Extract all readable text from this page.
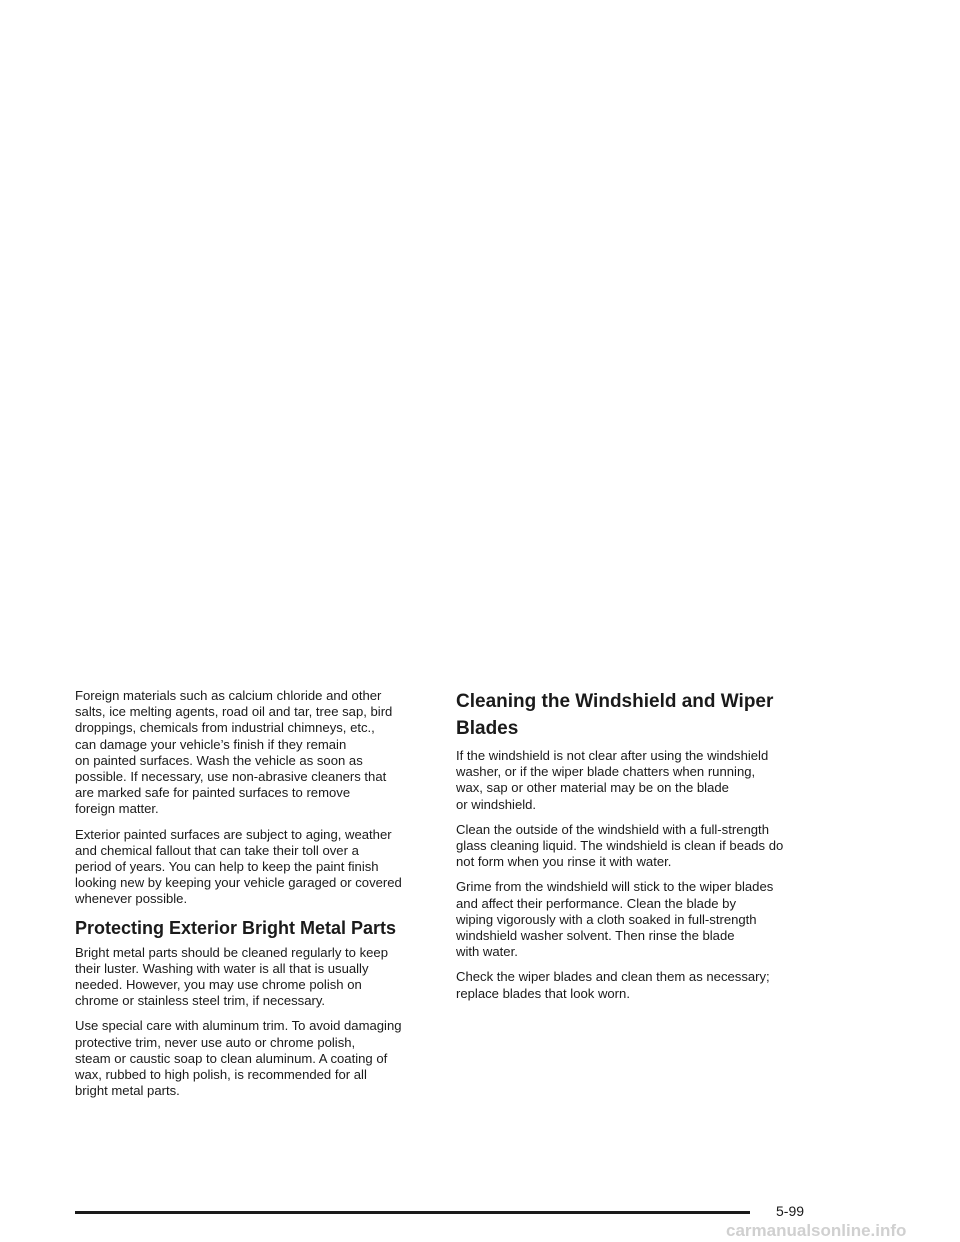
Foreign materials such as calcium chloride and other
salts, ice melting agents, road oil and tar, tree sap, bird
droppings, chemicals from industrial chimneys, etc.,
can damage your vehicle’s finish if they remain
on painted surfaces. Wash the vehicle as soon as
possible. If necessary, use non-abrasive cleaners that
are marked safe for painted surfaces to remove
foreign matter.

Exterior painted surfaces are subject to aging, weather
and chemical fallout that can take their toll over a
period of years. You can help to keep the paint finish
looking new by keeping your vehicle garaged or covered
whenever possible.

Protecting Exterior Bright Metal Parts

Bright metal parts should be cleaned regularly to keep
their luster. Washing with water is all that is usually
needed. However, you may use chrome polish on
chrome or stainless steel trim, if necessary.

Use special care with aluminum trim. To avoid damaging
protective trim, never use auto or chrome polish,
steam or caustic soap to clean aluminum. A coating of
wax, rubbed to high polish, is recommended for all
bright metal parts.

Cleaning the Windshield and Wiper
Blades

If the windshield is not clear after using the windshield
washer, or if the wiper blade chatters when running,
wax, sap or other material may be on the blade
or windshield.

Clean the outside of the windshield with a full-strength
glass cleaning liquid. The windshield is clean if beads do
not form when you rinse it with water.

Grime from the windshield will stick to the wiper blades
and affect their performance. Clean the blade by
wiping vigorously with a cloth soaked in full-strength
windshield washer solvent. Then rinse the blade
with water.

Check the wiper blades and clean them as necessary;
replace blades that look worn.

5-99
carmanualsonline.info
